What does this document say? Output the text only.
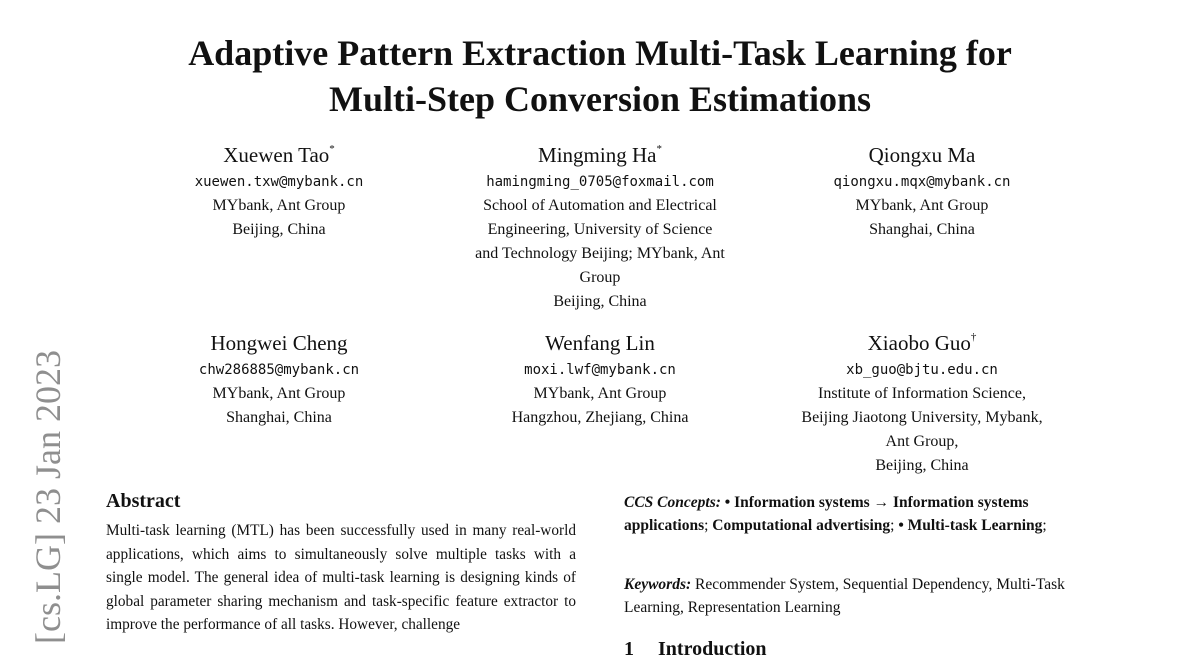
[cs.LG] 23 Jan 2023
Adaptive Pattern Extraction Multi-Task Learning for
Multi-Step Conversion Estimations
Xuewen Tao*
xuewen.txw@mybank.cn
MYbank, Ant Group
Beijing, China
Mingming Ha*
hamingming_0705@foxmail.com
School of Automation and Electrical
Engineering, University of Science
and Technology Beijing; MYbank, Ant
Group
Beijing, China
Qiongxu Ma
qiongxu.mqx@mybank.cn
MYbank, Ant Group
Shanghai, China
Hongwei Cheng
chw286885@mybank.cn
MYbank, Ant Group
Shanghai, China
Wenfang Lin
moxi.lwf@mybank.cn
MYbank, Ant Group
Hangzhou, Zhejiang, China
Xiaobo Guo†
xb_guo@bjtu.edu.cn
Institute of Information Science,
Beijing Jiaotong University, Mybank,
Ant Group,
Beijing, China
Abstract
Multi-task learning (MTL) has been successfully used in many real-world applications, which aims to simultaneously solve multiple tasks with a single model. The general idea of multi-task learning is designing kinds of global parameter sharing mechanism and task-specific feature extractor to improve the performance of all tasks. However, challenge
CCS Concepts: • Information systems → Information systems applications; Computational advertising; • Multi-task Learning;
Keywords: Recommender System, Sequential Dependency, Multi-Task Learning, Representation Learning
1 Introduction
